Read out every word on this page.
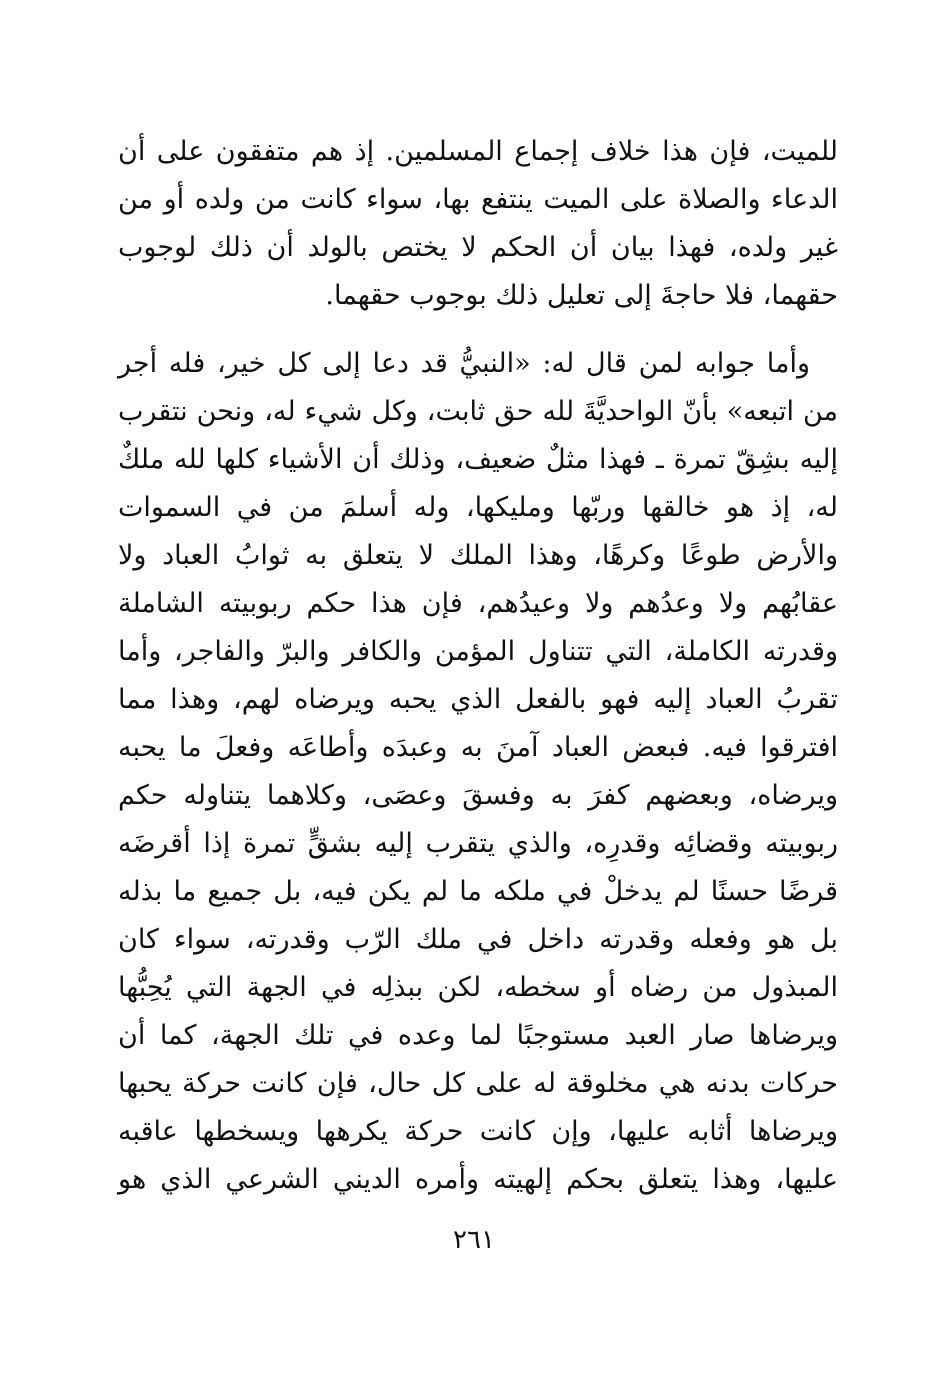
للميت، فإن هذا خلاف إجماع المسلمين. إذ هم متفقون على أن
الدعاء والصلاة على الميت ينتفع بها، سواء كانت من ولده أو من
غير ولده، فهذا بيان أن الحكم لا يختص بالولد أن ذلك لوجوب
حقهما، فلا حاجةَ إلى تعليل ذلك بوجوب حقهما.
وأما جوابه لمن قال له: «النبيُّ قد دعا إلى كل خير، فله أجر
من اتبعه» بأنّ الواحديَّةَ لله حق ثابت، وكل شيء له، ونحن نتقرب
إليه بشِقّ تمرة ـ فهذا مثلٌ ضعيف، وذلك أن الأشياء كلها لله ملكٌ
له، إذ هو خالقها وربّها ومليكها، وله أسلمَ من في السموات
والأرض طوعًا وكرهًا، وهذا الملك لا يتعلق به ثوابُ العباد ولا
عقابُهم ولا وعدُهم ولا وعيدُهم، فإن هذا حكم ربوبيته الشاملة
وقدرته الكاملة، التي تتناول المؤمن والكافر والبرّ والفاجر، وأما
تقربُ العباد إليه فهو بالفعل الذي يحبه ويرضاه لهم، وهذا مما
افترقوا فيه. فبعض العباد آمنَ به وعبدَه وأطاعَه وفعلَ ما يحبه
ويرضاه، وبعضهم كفرَ به وفسقَ وعصَى، وكلاهما يتناوله حكم
ربوبيته وقضائِه وقدرِه، والذي يتقرب إليه بشقٍّ تمرة إذا أقرضَه
قرضًا حسنًا لم يدخلْ في ملكه ما لم يكن فيه، بل جميع ما بذله
بل هو وفعله وقدرته داخل في ملك الرّب وقدرته، سواء كان
المبذول من رضاه أو سخطه، لكن ببذلِه في الجهة التي يُحِبُّها
ويرضاها صار العبد مستوجبًا لما وعده في تلك الجهة، كما أن
حركات بدنه هي مخلوقة له على كل حال، فإن كانت حركة يحبها
ويرضاها أثابه عليها، وإن كانت حركة يكرهها ويسخطها عاقبه
عليها، وهذا يتعلق بحكم إلهيته وأمره الديني الشرعي الذي هو
٢٦١
